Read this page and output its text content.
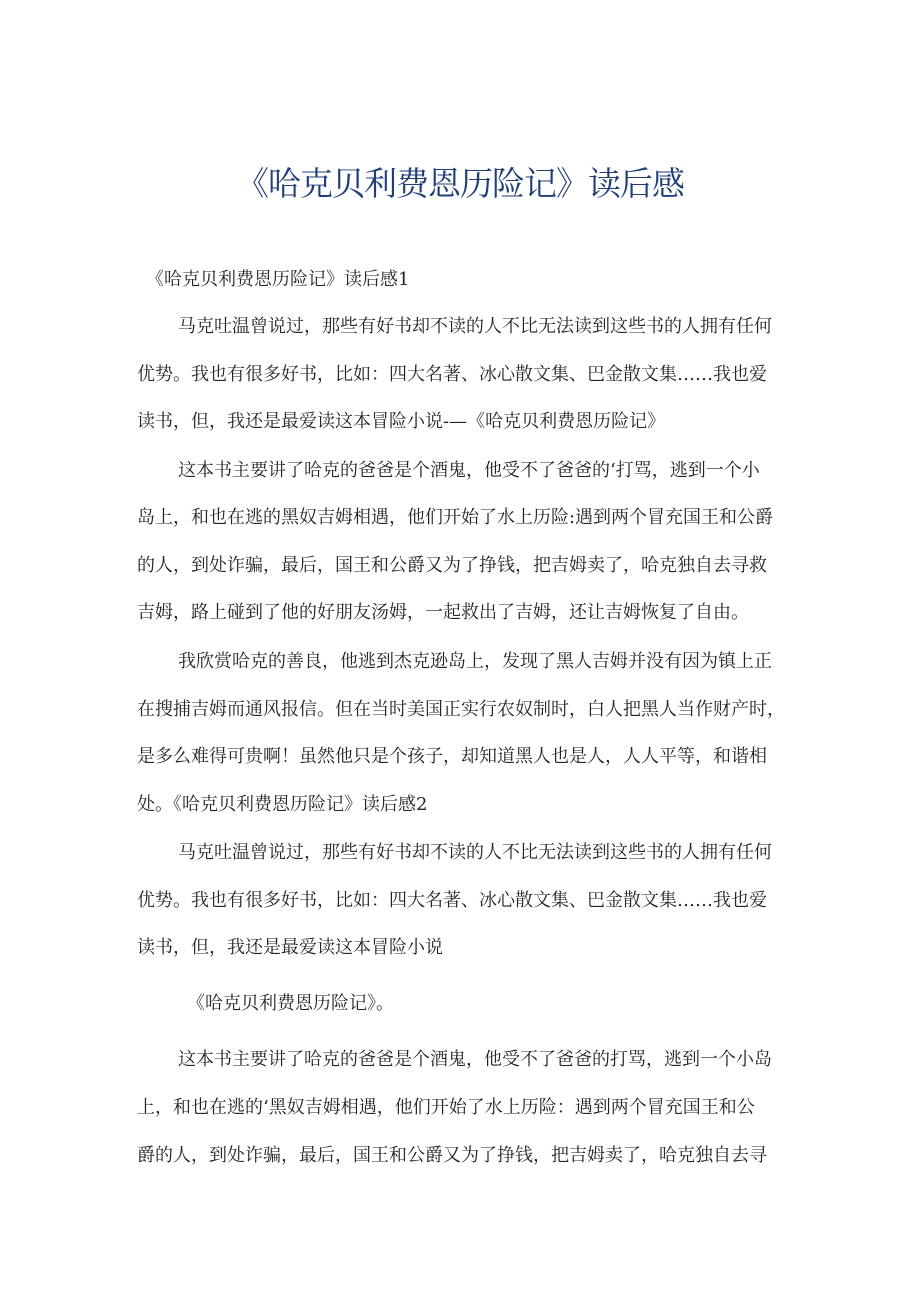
《哈克贝利费恩历险记》读后感
《哈克贝利费恩历险记》读后感1
马克吐温曾说过，那些有好书却不读的人不比无法读到这些书的人拥有任何
优势。我也有很多好书，比如：四大名著、冰心散文集、巴金散文集……我也爱
读书，但，我还是最爱读这本冒险小说-—《哈克贝利费恩历险记》
这本书主要讲了哈克的爸爸是个酒鬼，他受不了爸爸的‘打骂，逃到一个小
岛上，和也在逃的黑奴吉姆相遇，他们开始了水上历险:遇到两个冒充国王和公爵
的人，到处诈骗，最后，国王和公爵又为了挣钱，把吉姆卖了，哈克独自去寻救
吉姆，路上碰到了他的好朋友汤姆，一起救出了吉姆，还让吉姆恢复了自由。
我欣赏哈克的善良，他逃到杰克逊岛上，发现了黑人吉姆并没有因为镇上正
在搜捕吉姆而通风报信。但在当时美国正实行农奴制时，白人把黑人当作财产时，
是多么难得可贵啊！虽然他只是个孩子，却知道黑人也是人，人人平等，和谐相
处。《哈克贝利费恩历险记》读后感2
马克吐温曾说过，那些有好书却不读的人不比无法读到这些书的人拥有任何
优势。我也有很多好书，比如：四大名著、冰心散文集、巴金散文集……我也爱
读书，但，我还是最爱读这本冒险小说
《哈克贝利费恩历险记》。
这本书主要讲了哈克的爸爸是个酒鬼，他受不了爸爸的打骂，逃到一个小岛
上，和也在逃的‘黑奴吉姆相遇，他们开始了水上历险：遇到两个冒充国王和公
爵的人，到处诈骗，最后，国王和公爵又为了挣钱，把吉姆卖了，哈克独自去寻
